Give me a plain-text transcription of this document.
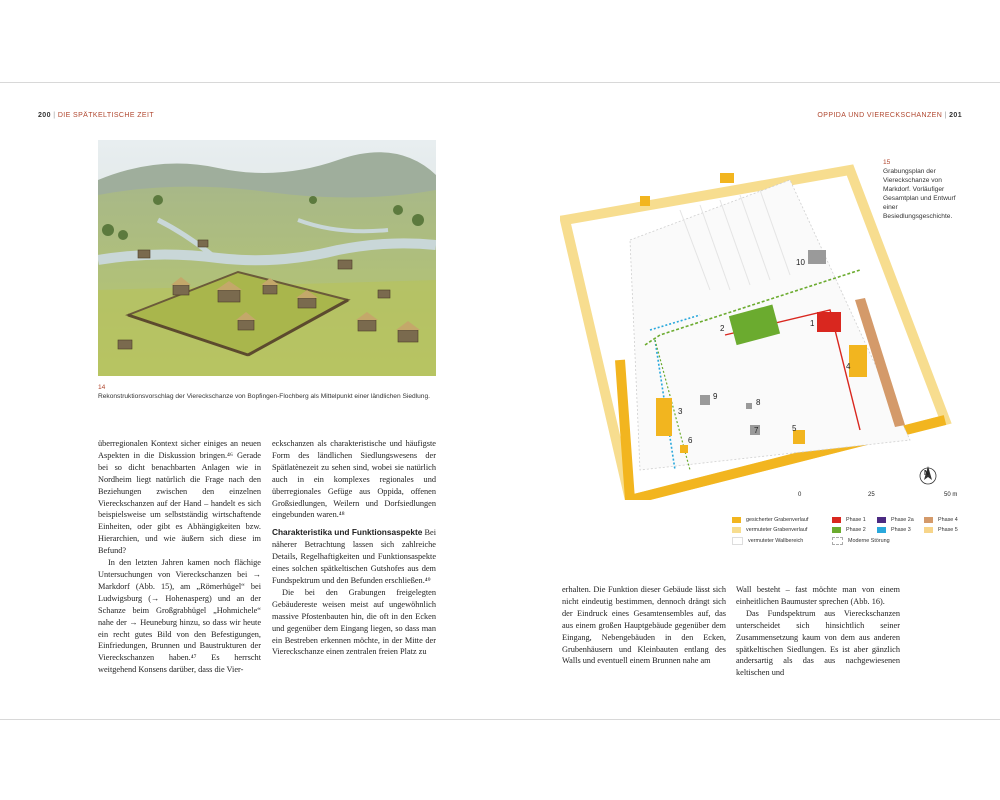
200 | DIE SPÄTKELTISCHE ZEIT	OPPIDA UND VIERECKSCHANZEN | 201
14
Rekonstruktionsvorschlag der Viereckschanze von Bopfingen-Flochberg als Mittelpunkt einer ländlichen Siedlung.
15
Grabungsplan der Viereckschanze von Markdorf. Vorläufiger Gesamtplan und Entwurf einer Besiedlungsgeschichte.
1
2
3
4
5
6
7
8
9
10
N
0	25	50 m
gesicherter Grabenverlauf
vermuteter Grabenverlauf
vermuteter Wallbereich
Phase 1
Phase 2
Moderne Störung
Phase 2a
Phase 3
Phase 4
Phase 5

überregionalen Kontext sicher einiges an neuen Aspekten in die Diskussion bringen.⁴⁶ Gerade bei so dicht benachbarten Anlagen wie in Nordheim liegt natürlich die Frage nach den Beziehungen zwischen den einzelnen Viereckschanzen auf der Hand – handelt es sich beispielsweise um selbstständig wirtschaftende Einheiten, oder gibt es Abhängigkeiten bzw. Hierarchien, und wie äußern sich diese im Befund?

In den letzten Jahren kamen noch flächige Untersuchungen von Viereckschanzen bei → Markdorf (Abb. 15), am „Römerhügel“ bei Ludwigsburg (→ Hohenasperg) und an der Schanze beim Großgrabhügel „Hohmichele“ nahe der → Heuneburg hinzu, so dass wir heute ein recht gutes Bild von den Befestigungen, Einfriedungen, Brunnen und Baustrukturen der Viereckschanzen haben.⁴⁷ Es herrscht weitgehend Konsens darüber, dass die Vier-

eckschanzen als charakteristische und häufigste Form des ländlichen Siedlungswesens der Spätlatènezeit zu sehen sind, wobei sie natürlich auch in ein komplexes regionales und überregionales Gefüge aus Oppida, offenen Großsiedlungen, Weilern und Dorfsiedlungen eingebunden waren.⁴⁸

Charakteristika und Funktionsaspekte Bei näherer Betrachtung lassen sich zahlreiche Details, Regelhaftigkeiten und Funktionsaspekte eines solchen spätkeltischen Gutshofes aus dem Fundspektrum und den Befunden erschließen.⁴⁹

Die bei den Grabungen freigelegten Gebäudereste weisen meist auf ungewöhnlich massive Pfostenbauten hin, die oft in den Ecken und gegenüber dem Eingang liegen, so dass man ein Bestreben erkennen möchte, in der Mitte der Viereckschanze einen zentralen freien Platz zu

erhalten. Die Funktion dieser Gebäude lässt sich nicht eindeutig bestimmen, dennoch drängt sich der Eindruck eines Gesamtensembles auf, das aus einem großen Hauptgebäude gegenüber dem Eingang, Nebengebäuden in den Ecken, Grubenhäusern und Kleinbauten entlang des Walls und eventuell einem Brunnen nahe am

Wall besteht – fast möchte man von einem einheitlichen Baumuster sprechen (Abb. 16).

Das Fundspektrum aus Viereckschanzen unterscheidet sich hinsichtlich seiner Zusammensetzung kaum von dem aus anderen spätkeltischen Siedlungen. Es ist aber gänzlich andersartig als das aus nachgewiesenen keltischen und
